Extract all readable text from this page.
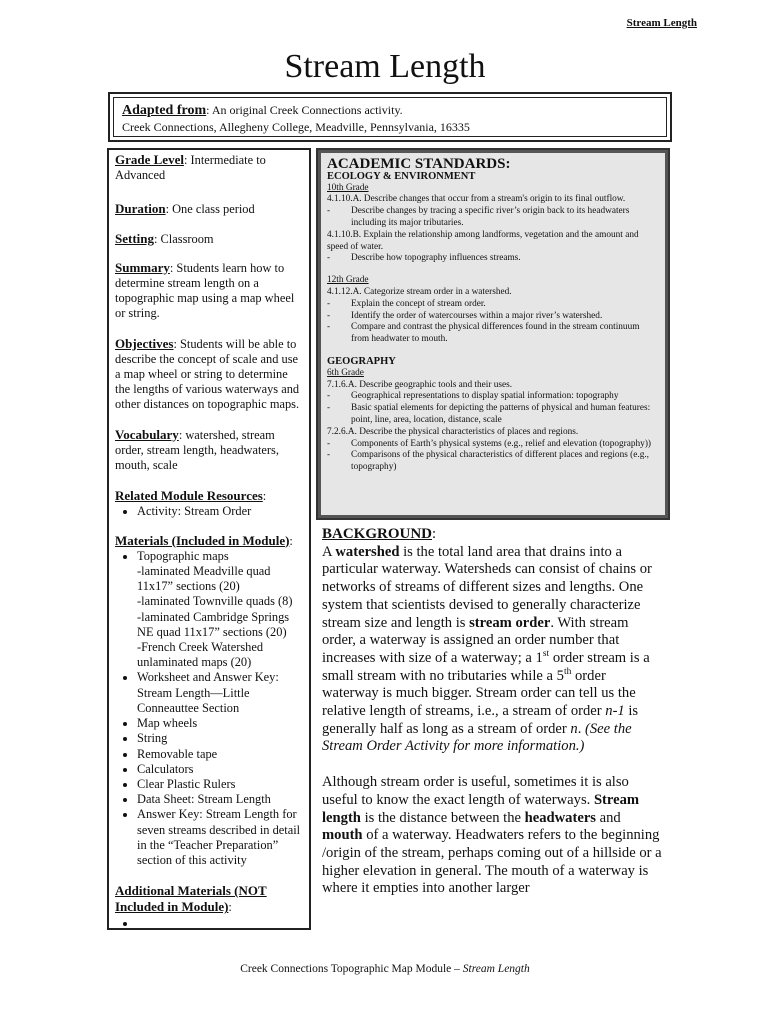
Stream Length
Stream Length
Adapted from: An original Creek Connections activity.
Creek Connections, Allegheny College, Meadville, Pennsylvania, 16335

Grade Level: Intermediate to Advanced

Duration: One class period

Setting: Classroom

Summary: Students learn how to determine stream length on a topographic map using a map wheel or string.

Objectives: Students will be able to describe the concept of scale and use a map wheel or string to determine the lengths of various waterways and other distances on topographic maps.

Vocabulary: watershed, stream order, stream length, headwaters, mouth, scale

Related Module Resources:

• Activity: Stream Order

Materials (Included in Module):

• Topographic maps
-laminated Meadville quad 11x17” sections (20)
-laminated Townville quads (8)
-laminated Cambridge Springs NE quad 11x17” sections (20)
-French Creek Watershed unlaminated maps (20)
• Worksheet and Answer Key: Stream Length—Little Conneauttee Section
• Map wheels
• String
• Removable tape
• Calculators
• Clear Plastic Rulers
• Data Sheet: Stream Length
• Answer Key: Stream Length for seven streams described in detail in the “Teacher Preparation” section of this activity

Additional Materials (NOT Included in Module):

•
ACADEMIC STANDARDS:
ECOLOGY & ENVIRONMENT
10th Grade
4.1.10.A. Describe changes that occur from a stream's origin to its final outflow.
- Describe changes by tracing a specific river’s origin back to its headwaters including its major tributaries.
4.1.10.B. Explain the relationship among landforms, vegetation and the amount and speed of water.
- Describe how topography influences streams.
12th Grade
4.1.12.A. Categorize stream order in a watershed.
- Explain the concept of stream order.
- Identify the order of watercourses within a major river’s watershed.
- Compare and contrast the physical differences found in the stream continuum from headwater to mouth.
GEOGRAPHY
6th Grade
7.1.6.A. Describe geographic tools and their uses.
- Geographical representations to display spatial information: topography
- Basic spatial elements for depicting the patterns of physical and human features: point, line, area, location, distance, scale
7.2.6.A. Describe the physical characteristics of places and regions.
- Components of Earth’s physical systems (e.g., relief and elevation (topography))
- Comparisons of the physical characteristics of different places and regions (e.g., topography)

BACKGROUND:

A watershed is the total land area that drains into a particular waterway. Watersheds can consist of chains or networks of streams of different sizes and lengths. One system that scientists devised to generally characterize stream size and length is stream order. With stream order, a waterway is assigned an order number that increases with size of a waterway; a 1st order stream is a small stream with no tributaries while a 5th order waterway is much bigger. Stream order can tell us the relative length of streams, i.e., a stream of order n-1 is generally half as long as a stream of order n. (See the Stream Order Activity for more information.)

Although stream order is useful, sometimes it is also useful to know the exact length of waterways. Stream length is the distance between the headwaters and mouth of a waterway. Headwaters refers to the beginning /origin of the stream, perhaps coming out of a hillside or a higher elevation in general. The mouth of a waterway is where it empties into another larger

Creek Connections Topographic Map Module – Stream Length
